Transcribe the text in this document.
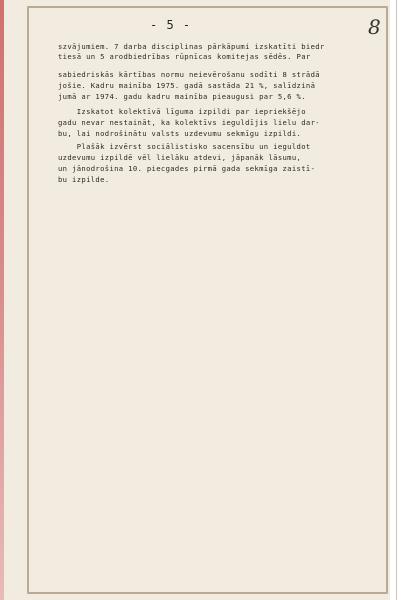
- 5 -	8
szvājumiem. 7 darba disciplinas pārkāpumi izskatīti biedr
tiesā un 5 arodbiedrības rūpnīcas komitejas sēdēs. Par
sabiedriskās kārtības normu neievērošanu sodīti 8 strādā
jošie. Kadru mainība 1975. gadā sastāda 21 %, salīdzinā
jumā ar 1974. gadu kadru mainība pieaugusi par 5,6 %.
Izskatot kolektīvā līguma izpildi par iepriekšējo
gadu nevar nestaināt, ka kolektīvs ieguldījis lielu dar-
bu, lai nodrošinātu valsts uzdevumu sekmīgu izpildi.
Plašāk izvērst sociālistisko sacensību un ieguldot
uzdevumu izpildē vēl lielāku atdevi, jāpanāk lāsumu,
un jānodrošina 10. piecgades pirmā gada sekmīga zaistī-
bu izpilde.
